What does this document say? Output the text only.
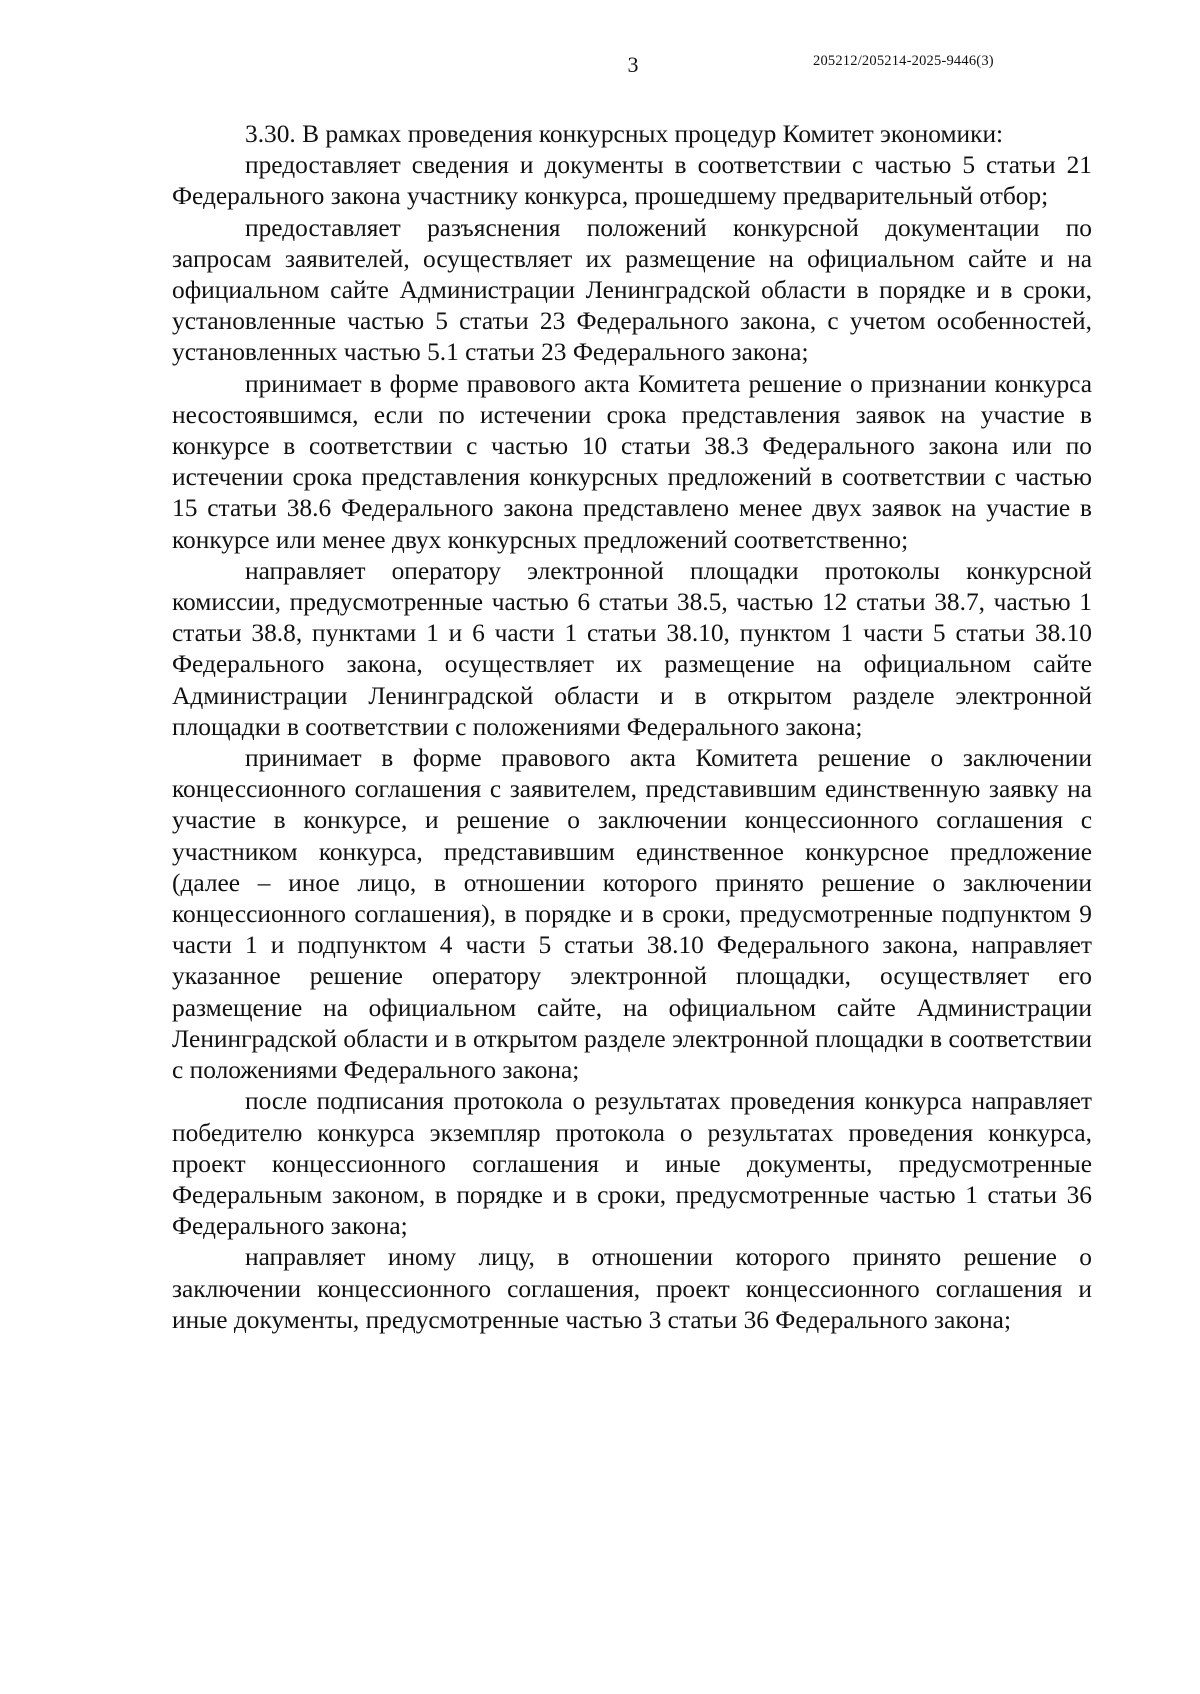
3	205212/205214-2025-9446(3)

3.30. В рамках проведения конкурсных процедур Комитет экономики:

предоставляет сведения и документы в соответствии с частью 5 статьи 21 Федерального закона участнику конкурса, прошедшему предварительный отбор;

предоставляет разъяснения положений конкурсной документации по запросам заявителей, осуществляет их размещение на официальном сайте и на официальном сайте Администрации Ленинградской области в порядке и в сроки, установленные частью 5 статьи 23 Федерального закона, с учетом особенностей, установленных частью 5.1 статьи 23 Федерального закона;

принимает в форме правового акта Комитета решение о признании конкурса несостоявшимся, если по истечении срока представления заявок на участие в конкурсе в соответствии с частью 10 статьи 38.3 Федерального закона или по истечении срока представления конкурсных предложений в соответствии с частью 15 статьи 38.6 Федерального закона представлено менее двух заявок на участие в конкурсе или менее двух конкурсных предложений соответственно;

направляет оператору электронной площадки протоколы конкурсной комиссии, предусмотренные частью 6 статьи 38.5, частью 12 статьи 38.7, частью 1 статьи 38.8, пунктами 1 и 6 части 1 статьи 38.10, пунктом 1 части 5 статьи 38.10 Федерального закона, осуществляет их размещение на официальном сайте Администрации Ленинградской области и в открытом разделе электронной площадки в соответствии с положениями Федерального закона;

принимает в форме правового акта Комитета решение о заключении концессионного соглашения с заявителем, представившим единственную заявку на участие в конкурсе, и решение о заключении концессионного соглашения с участником конкурса, представившим единственное конкурсное предложение (далее – иное лицо, в отношении которого принято решение о заключении концессионного соглашения), в порядке и в сроки, предусмотренные подпунктом 9 части 1 и подпунктом 4 части 5 статьи 38.10 Федерального закона, направляет указанное решение оператору электронной площадки, осуществляет его размещение на официальном сайте, на официальном сайте Администрации Ленинградской области и в открытом разделе электронной площадки в соответствии с положениями Федерального закона;

после подписания протокола о результатах проведения конкурса направляет победителю конкурса экземпляр протокола о результатах проведения конкурса, проект концессионного соглашения и иные документы, предусмотренные Федеральным законом, в порядке и в сроки, предусмотренные частью 1 статьи 36 Федерального закона;

направляет иному лицу, в отношении которого принято решение о заключении концессионного соглашения, проект концессионного соглашения и иные документы, предусмотренные частью 3 статьи 36 Федерального закона;
